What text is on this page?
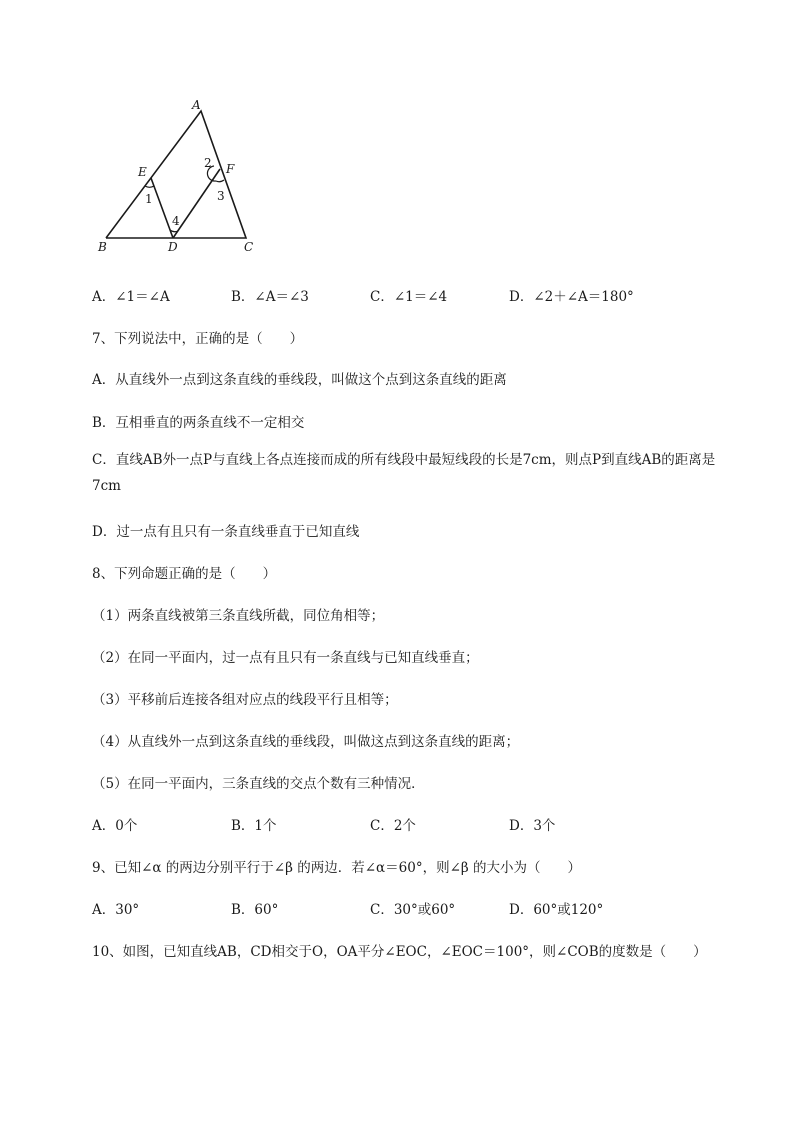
A
B	C
D
E	F
1
2
3
4
A．∠1＝∠A	B．∠A＝∠3	C．∠1＝∠4	D．∠2＋∠A＝180°
7、下列说法中，正确的是（　　）
A．从直线外一点到这条直线的垂线段，叫做这个点到这条直线的距离
B．互相垂直的两条直线不一定相交
C．直线AB外一点P与直线上各点连接而成的所有线段中最短线段的长是7cm，则点P到直线AB的距离是7cm
D．过一点有且只有一条直线垂直于已知直线
8、下列命题正确的是（　　）
（1）两条直线被第三条直线所截，同位角相等；
（2）在同一平面内，过一点有且只有一条直线与已知直线垂直；
（3）平移前后连接各组对应点的线段平行且相等；
（4）从直线外一点到这条直线的垂线段，叫做这点到这条直线的距离；
（5）在同一平面内，三条直线的交点个数有三种情况．
A．0个	B．1个	C．2个	D．3个
9、已知∠α 的两边分别平行于∠β 的两边．若∠α＝60°，则∠β 的大小为（　　）
A．30°	B．60°	C．30°或60°	D．60°或120°
10、如图，已知直线AB，CD相交于O，OA平分∠EOC，∠EOC＝100°，则∠COB的度数是（　　）
